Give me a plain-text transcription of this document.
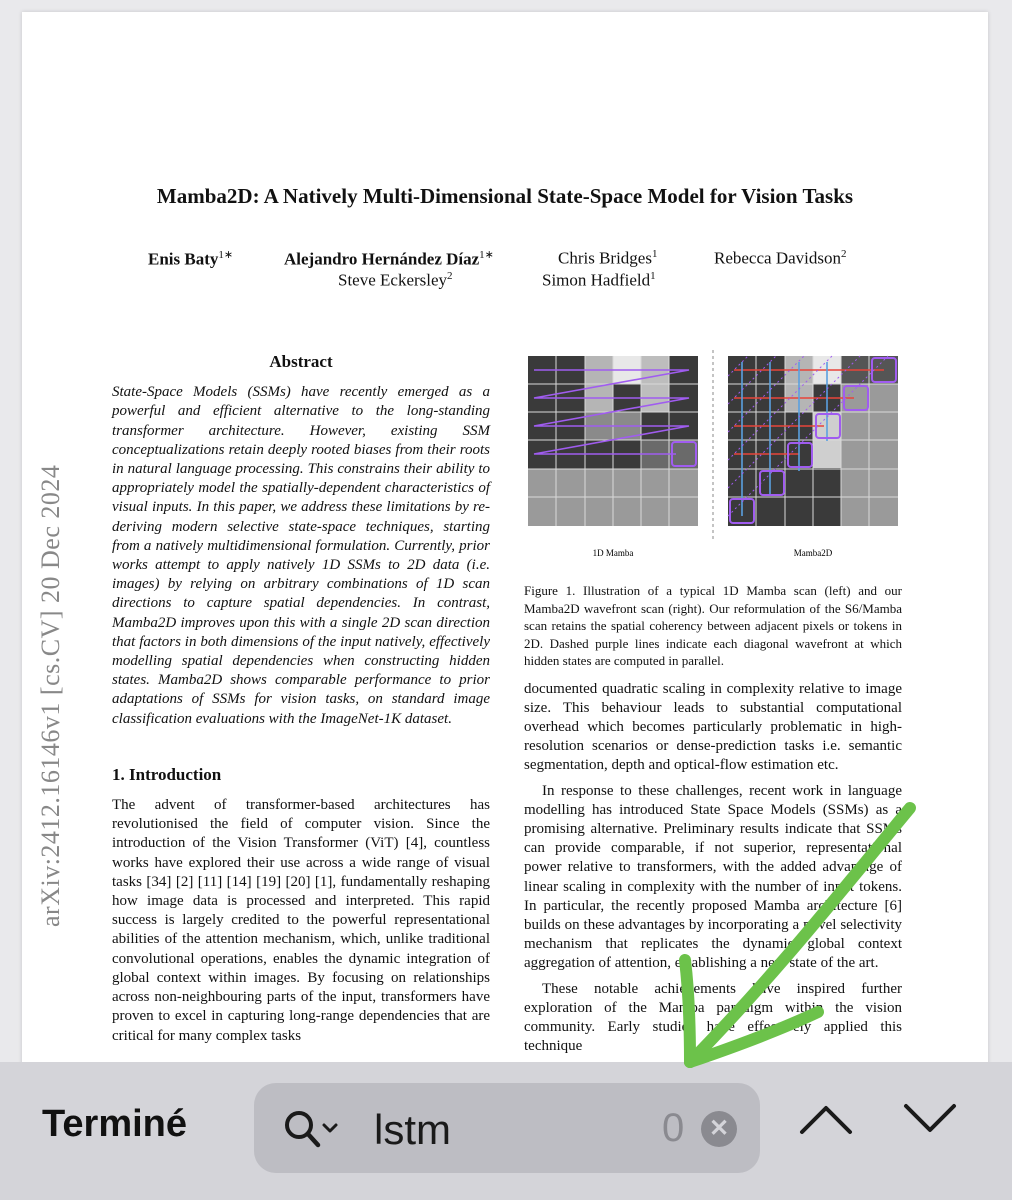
Mamba2D: A Natively Multi-Dimensional State-Space Model for Vision Tasks
Enis Baty$^{1∗}$	Alejandro Hernández Díaz$^{1∗}$	Chris Bridges$^1$	Rebecca Davidson$^2$
Steve Eckersley$^2$	Simon Hadfield$^1$
arXiv:2412.16146v1 [cs.CV] 20 Dec 2024
Abstract
State-Space Models (SSMs) have recently emerged as a powerful and efficient alternative to the long-standing transformer architecture. However, existing SSM conceptualizations retain deeply rooted biases from their roots in natural language processing. This constrains their ability to appropriately model the spatially-dependent characteristics of visual inputs. In this paper, we address these limitations by re-deriving modern selective state-space techniques, starting from a natively multidimensional formulation. Currently, prior works attempt to apply natively 1D SSMs to 2D data (i.e. images) by relying on arbitrary combinations of 1D scan directions to capture spatial dependencies. In contrast, Mamba2D improves upon this with a single 2D scan direction that factors in both dimensions of the input natively, effectively modelling spatial dependencies when constructing hidden states. Mamba2D shows comparable performance to prior adaptations of SSMs for vision tasks, on standard image classification evaluations with the ImageNet-1K dataset.
1. Introduction
The advent of transformer-based architectures has revolutionised the field of computer vision. Since the introduction of the Vision Transformer (ViT) [4], countless works have explored their use across a wide range of visual tasks [34] [2] [11] [14] [19] [20] [1], fundamentally reshaping how image data is processed and interpreted. This rapid success is largely credited to the powerful representational abilities of the attention mechanism, which, unlike traditional convolutional operations, enables the dynamic integration of global context within images. By focusing on relationships across non-neighbouring parts of the input, transformers have proven to excel in capturing long-range dependencies that are critical for many complex tasks
1D Mamba	Mamba2D
Figure 1. Illustration of a typical 1D Mamba scan (left) and our Mamba2D wavefront scan (right). Our reformulation of the S6/Mamba scan retains the spatial coherency between adjacent pixels or tokens in 2D. Dashed purple lines indicate each diagonal wavefront at which hidden states are computed in parallel.

documented quadratic scaling in complexity relative to image size. This behaviour leads to substantial computational overhead which becomes particularly problematic in high-resolution scenarios or dense-prediction tasks i.e. semantic segmentation, depth and optical-flow estimation etc.

In response to these challenges, recent work in language modelling has introduced State Space Models (SSMs) as a promising alternative. Preliminary results indicate that SSMs can provide comparable, if not superior, representational power relative to transformers, with the added advantage of linear scaling in complexity with the number of input tokens. In particular, the recently proposed Mamba architecture [6] builds on these advantages by incorporating a novel selectivity mechanism that replicates the dynamic global context aggregation of attention, establishing a new state of the art.

These notable achievements have inspired further exploration of the Mamba paradigm within the vision community. Early studies have effectively applied this technique

Terminé	lstm	0	✕
